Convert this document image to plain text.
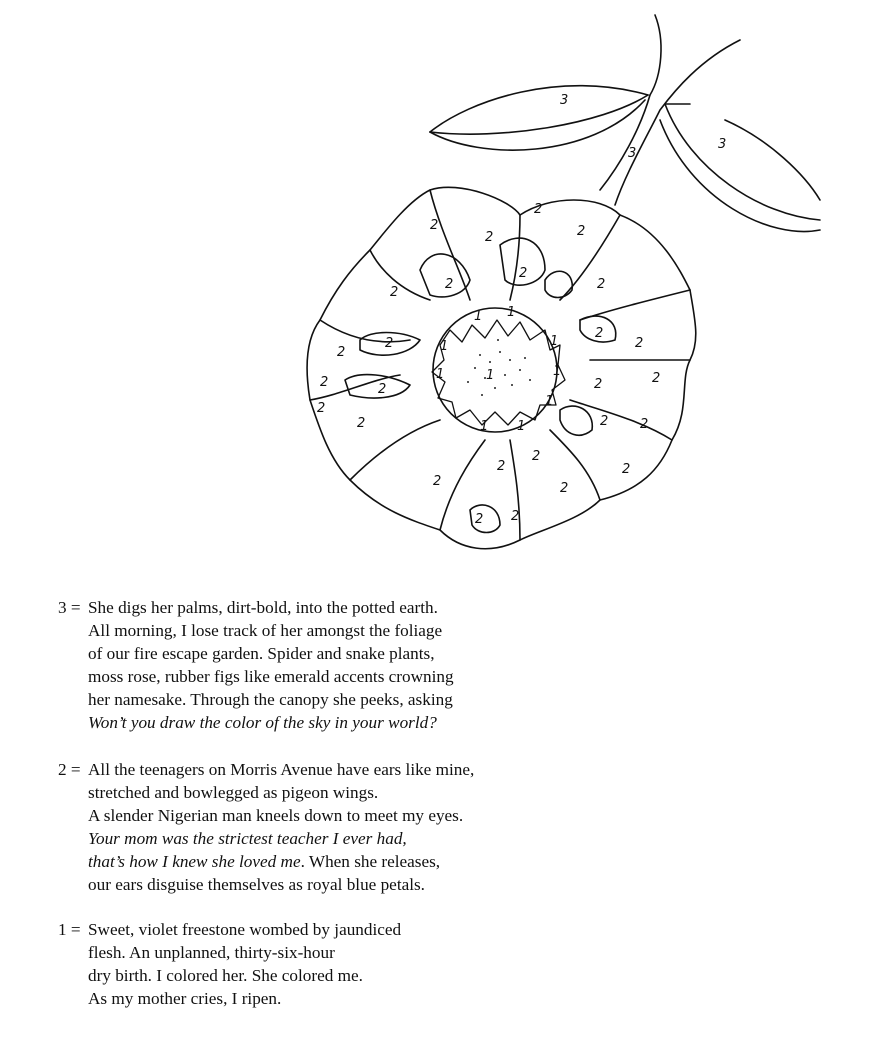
3
3
3
2
2
2
2
2
2
2
2
2
2
2
2
2	2
2
2
2
2
2
2
2
2
2
2	2
2 2
1
1 1
1	1
1
1
1
1 1
3 = She digs her palms, dirt-bold, into the potted earth.
All morning, I lose track of her amongst the foliage
of our fire escape garden. Spider and snake plants,
moss rose, rubber figs like emerald accents crowning
her namesake. Through the canopy she peeks, asking
Won’t you draw the color of the sky in your world?
2 = All the teenagers on Morris Avenue have ears like mine,
stretched and bowlegged as pigeon wings.
A slender Nigerian man kneels down to meet my eyes.
Your mom was the strictest teacher I ever had,
that’s how I knew she loved me. When she releases,
our ears disguise themselves as royal blue petals.
1 = Sweet, violet freestone wombed by jaundiced
flesh. An unplanned, thirty-six-hour
dry birth. I colored her. She colored me.
As my mother cries, I ripen.
